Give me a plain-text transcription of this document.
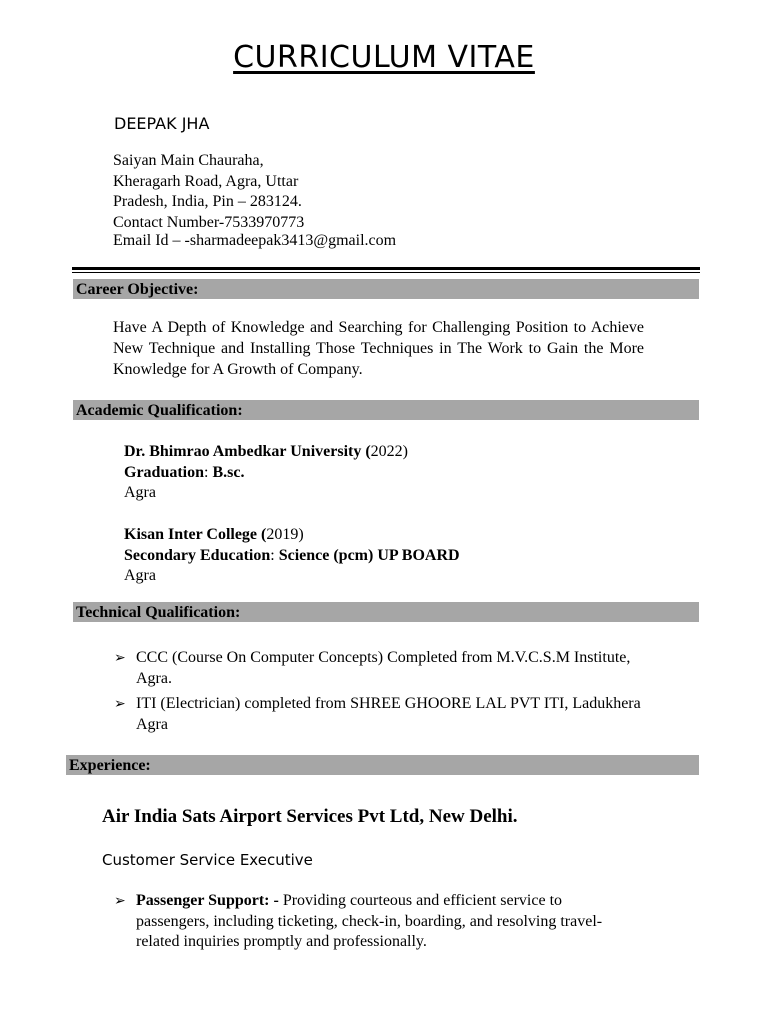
CURRICULUM VITAE
DEEPAK JHA
Saiyan Main Chauraha,
Kheragarh Road, Agra, Uttar
Pradesh, India, Pin – 283124.
Contact Number-7533970773
Email Id – -sharmadeepak3413@gmail.com
Career Objective:
Have A Depth of Knowledge and Searching for Challenging Position to Achieve New Technique and Installing Those Techniques in The Work to Gain the More Knowledge for A Growth of Company.
Academic Qualification:
Dr. Bhimrao Ambedkar University (2022)
Graduation: B.sc.
Agra
Kisan Inter College (2019)
Secondary Education: Science (pcm) UP BOARD
Agra
Technical Qualification:
➢ CCC (Course On Computer Concepts) Completed from M.V.C.S.M Institute, Agra.
➢ ITI (Electrician) completed from SHREE GHOORE LAL PVT ITI, Ladukhera Agra
Experience:
Air India Sats Airport Services Pvt Ltd, New Delhi.
Customer Service Executive
➢ Passenger Support: - Providing courteous and efficient service to passengers, including ticketing, check-in, boarding, and resolving travel-related inquiries promptly and professionally.
